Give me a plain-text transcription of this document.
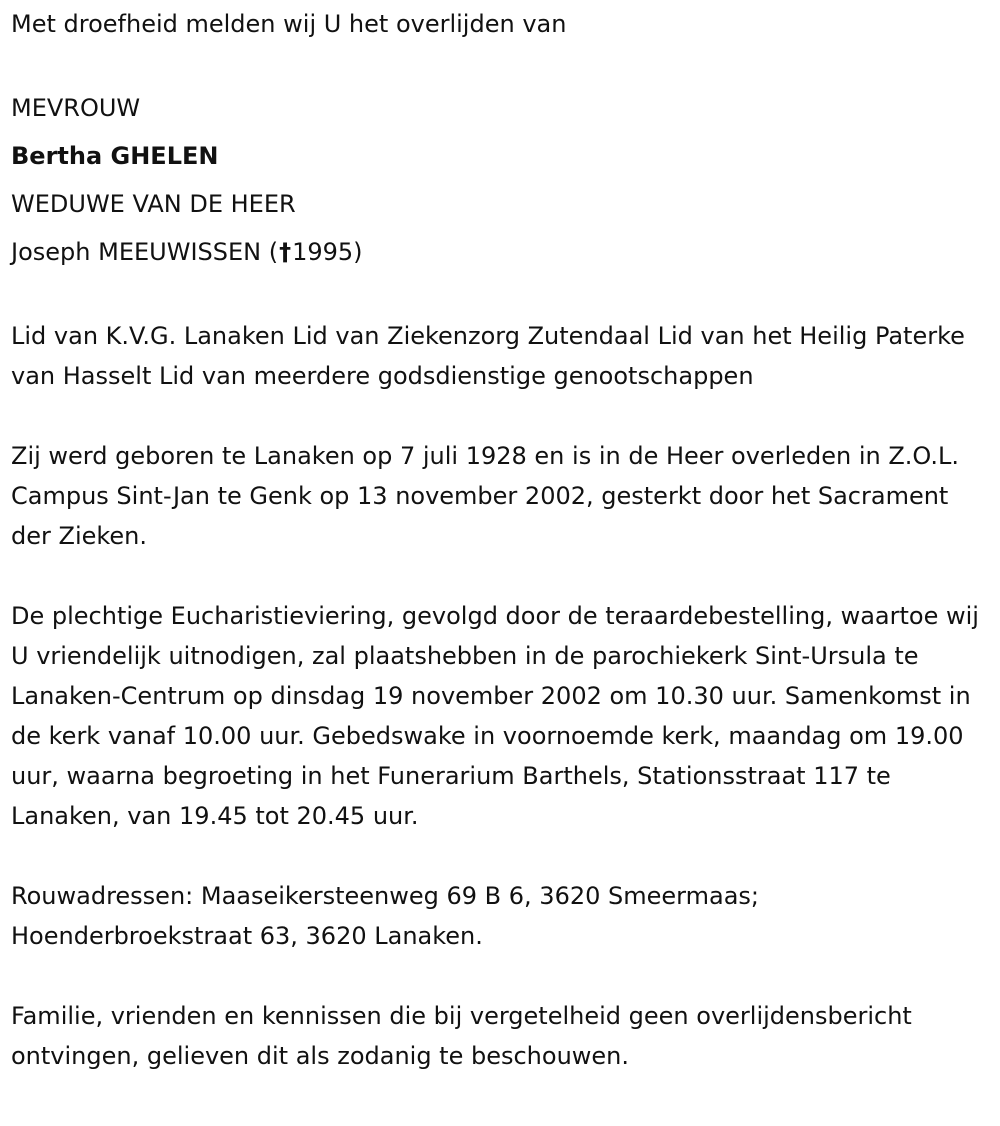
Met droefheid melden wij U het overlijden van

MEVROUW
Bertha GHELEN
WEDUWE VAN DE HEER
Joseph MEEUWISSEN (†1995)

Lid van K.V.G. Lanaken Lid van Ziekenzorg Zutendaal Lid van het Heilig Paterke van Hasselt Lid van meerdere godsdienstige genootschappen

Zij werd geboren te Lanaken op 7 juli 1928 en is in de Heer overleden in Z.O.L. Campus Sint-Jan te Genk op 13 november 2002, gesterkt door het Sacrament der Zieken.

De plechtige Eucharistieviering, gevolgd door de teraardebestelling, waartoe wij U vriendelijk uitnodigen, zal plaatshebben in de parochiekerk Sint-Ursula te Lanaken-Centrum op dinsdag 19 november 2002 om 10.30 uur. Samenkomst in de kerk vanaf 10.00 uur. Gebedswake in voornoemde kerk, maandag om 19.00 uur, waarna begroeting in het Funerarium Barthels, Stationsstraat 117 te Lanaken, van 19.45 tot 20.45 uur.

Rouwadressen: Maaseikersteenweg 69 B 6, 3620 Smeermaas;
Hoenderbroekstraat 63, 3620 Lanaken.

Familie, vrienden en kennissen die bij vergetelheid geen overlijdensbericht ontvingen, gelieven dit als zodanig te beschouwen.
